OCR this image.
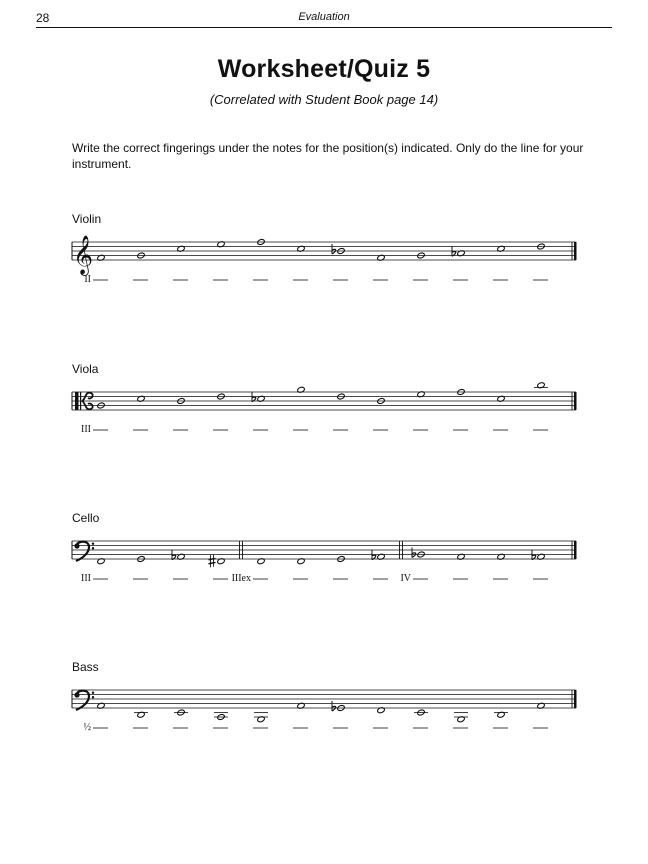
28	Evaluation
Worksheet/Quiz 5
(Correlated with Student Book page 14)
Write the correct fingerings under the notes for the position(s) indicated. Only do the line for your instrument.
Violin
𝄞
II
Viola
III
Cello
III	IIIex	IV
Bass
½
